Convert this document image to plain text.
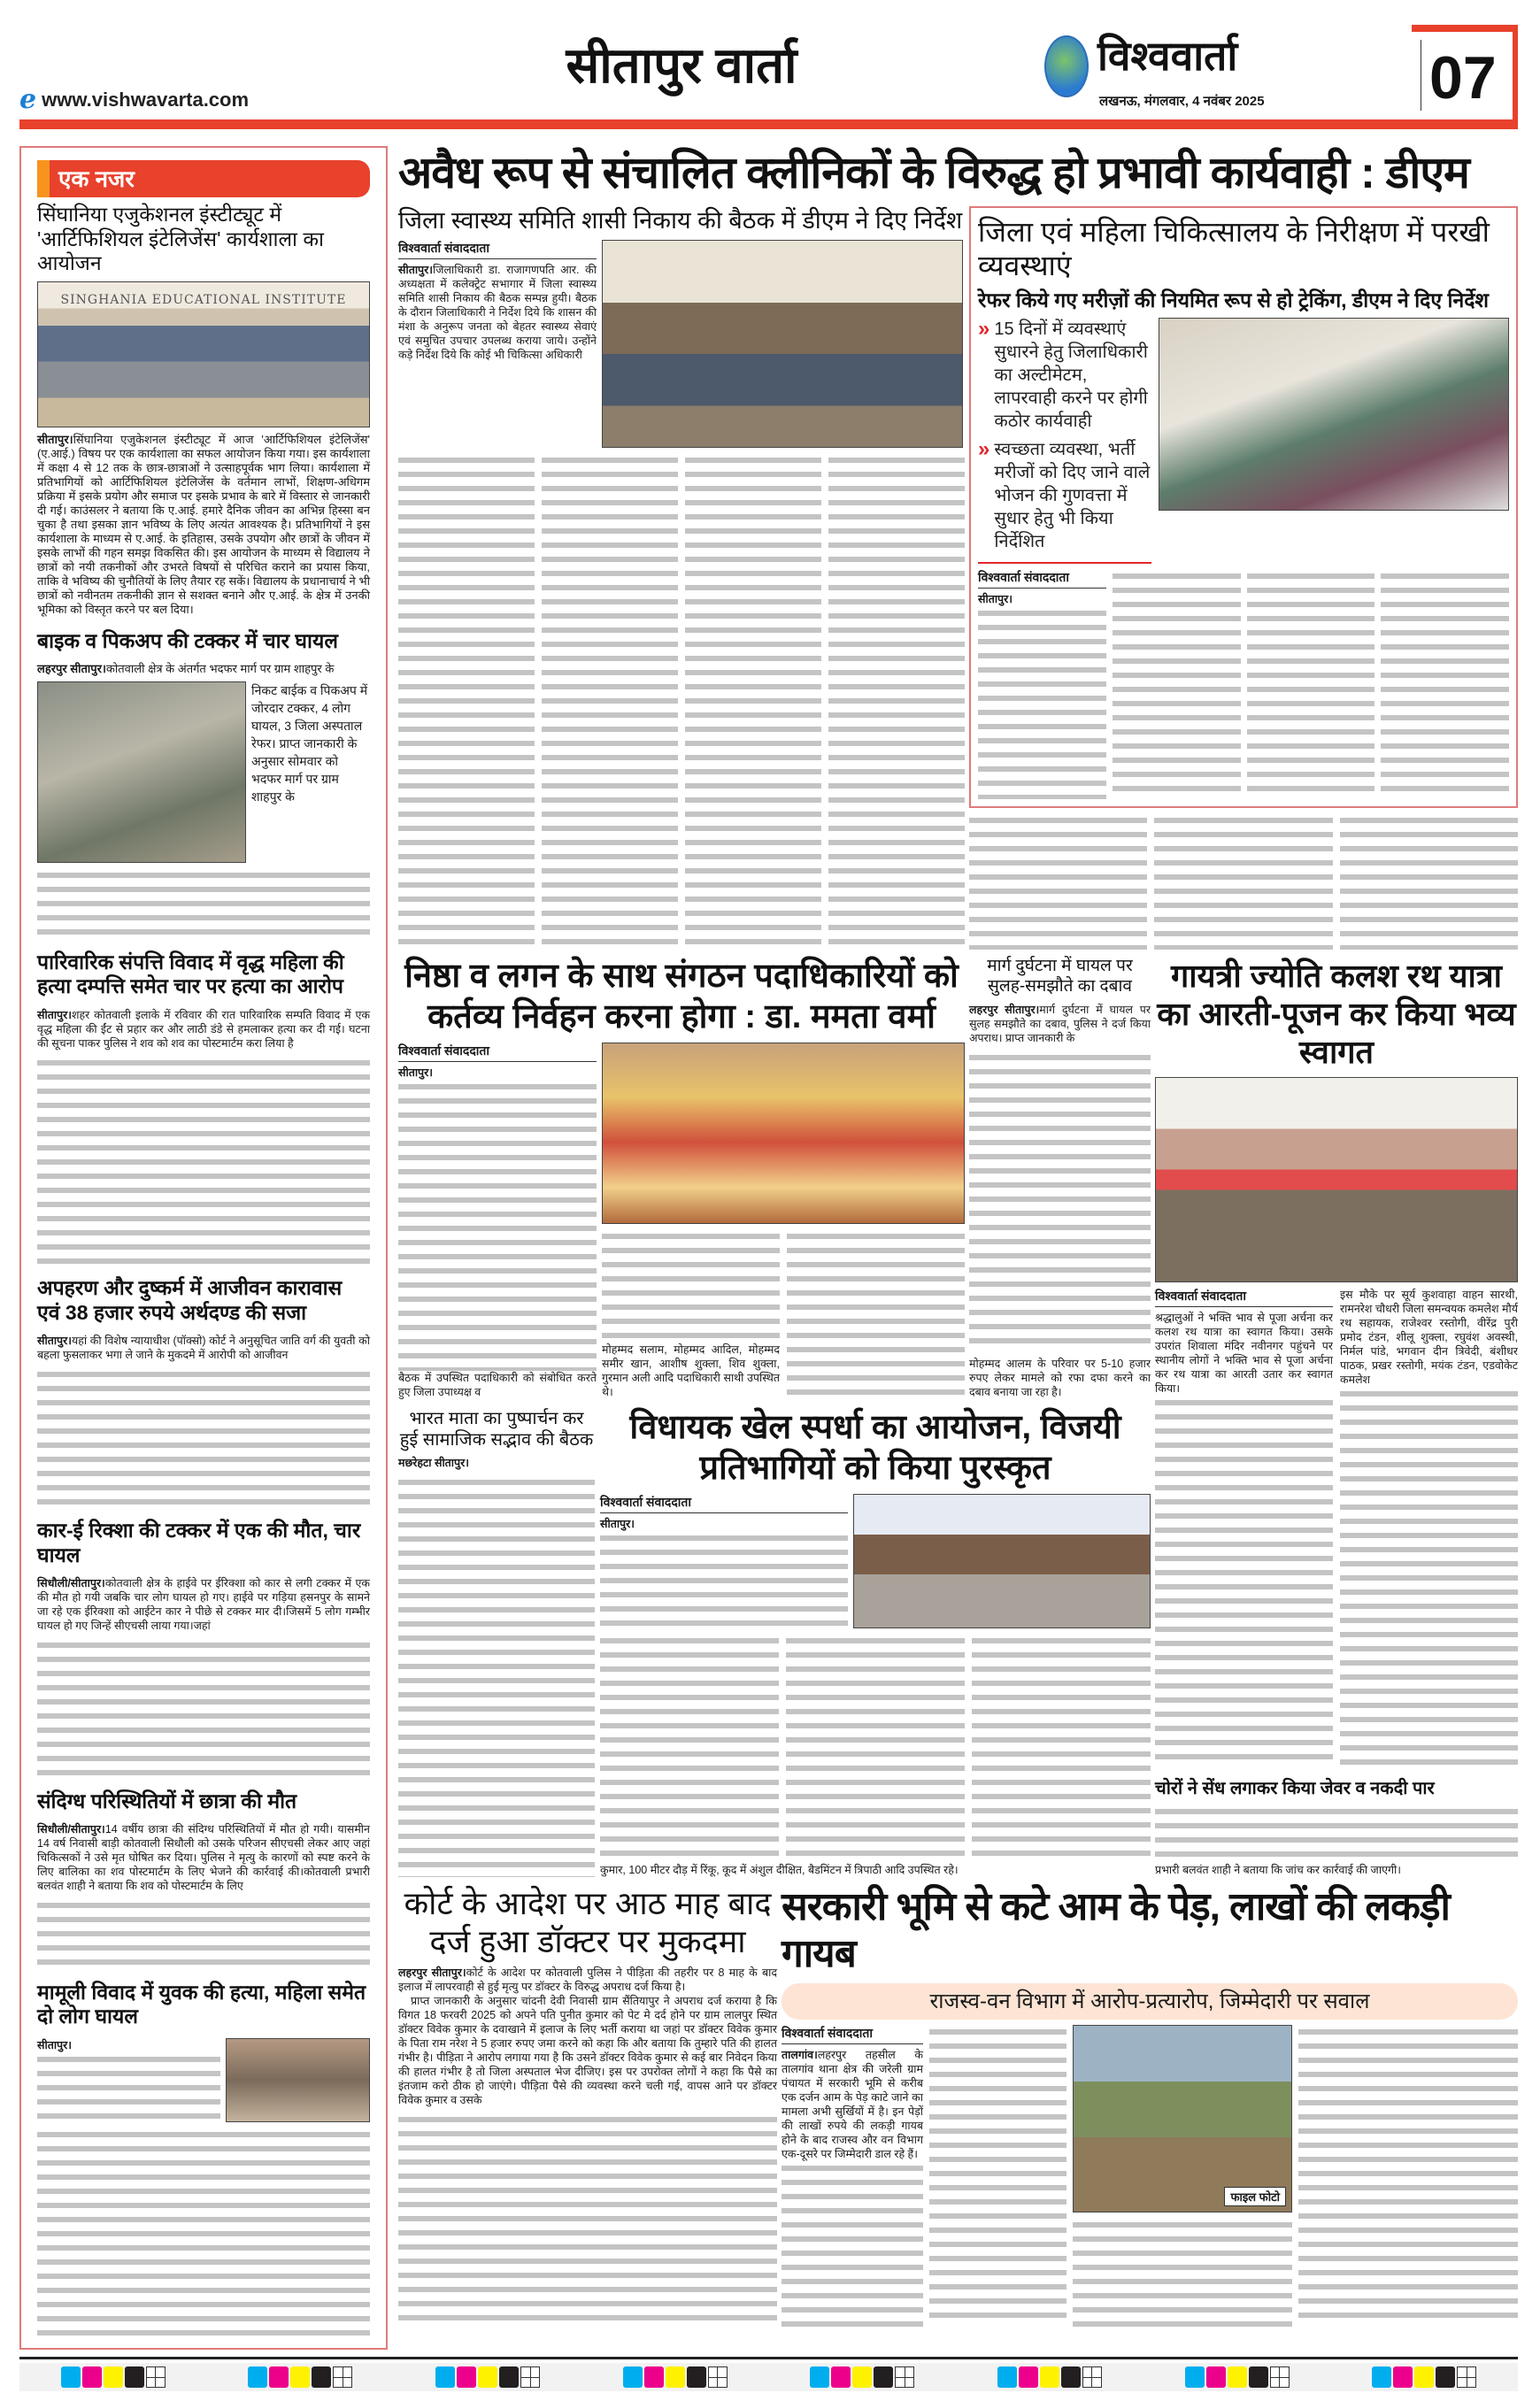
e www.vishwavarta.com
सीतापुर वार्ता	विश्ववार्ता
लखनऊ, मंगलवार, 4 नवंबर 2025	07
एक नजर
सिंघानिया एजुकेशनल इंस्टीट्यूट में 'आर्टिफिशियल इंटेलिजेंस' कार्यशाला का आयोजन
SINGHANIA EDUCATIONAL INSTITUTE

सीतापुर।सिंघानिया एजुकेशनल इंस्टीट्यूट में आज 'आर्टिफिशियल इंटेलिजेंस' (ए.आई.) विषय पर एक कार्यशाला का सफल आयोजन किया गया। इस कार्यशाला में कक्षा 4 से 12 तक के छात्र-छात्राओं ने उत्साहपूर्वक भाग लिया। कार्यशाला में प्रतिभागियों को आर्टिफिशियल इंटेलिजेंस के वर्तमान लाभों, शिक्षण-अधिगम प्रक्रिया में इसके प्रयोग और समाज पर इसके प्रभाव के बारे में विस्तार से जानकारी दी गई। काउंसलर ने बताया कि ए.आई. हमारे दैनिक जीवन का अभिन्न हिस्सा बन चुका है तथा इसका ज्ञान भविष्य के लिए अत्यंत आवश्यक है। प्रतिभागियों ने इस कार्यशाला के माध्यम से ए.आई. के इतिहास, उसके उपयोग और छात्रों के जीवन में इसके लाभों की गहन समझ विकसित की। इस आयोजन के माध्यम से विद्यालय ने छात्रों को नयी तकनीकों और उभरते विषयों से परिचित कराने का प्रयास किया, ताकि वे भविष्य की चुनौतियों के लिए तैयार रह सकें। विद्यालय के प्रधानाचार्य ने भी छात्रों को नवीनतम तकनीकी ज्ञान से सशक्त बनाने और ए.आई. के क्षेत्र में उनकी भूमिका को विस्तृत करने पर बल दिया।

बाइक व पिकअप की टक्कर में चार घायल

लहरपुर सीतापुर।कोतवाली क्षेत्र के अंतर्गत भदफर मार्ग पर ग्राम शाहपुर के

निकट बाईक व पिकअप में जोरदार टक्कर, 4 लोग घायल, 3 जिला अस्पताल रेफर। प्राप्त जानकारी के अनुसार सोमवार को भदफर मार्ग पर ग्राम शाहपुर के

पारिवारिक संपत्ति विवाद में वृद्ध महिला की हत्या दम्पत्ति समेत चार पर हत्या का आरोप

सीतापुर।शहर कोतवाली इलाके में रविवार की रात पारिवारिक सम्पति विवाद में एक वृद्ध महिला की ईंट से प्रहार कर और लाठी डंडे से हमलाकर हत्या कर दी गई। घटना की सूचना पाकर पुलिस ने शव को शव का पोस्टमार्टम करा लिया है

अपहरण और दुष्कर्म में आजीवन कारावास एवं 38 हजार रुपये अर्थदण्ड की सजा

सीतापुर।यहां की विशेष न्यायाधीश (पॉक्सो) कोर्ट ने अनुसूचित जाति वर्ग की युवती को बहला फुसलाकर भगा ले जाने के मुकदमे में आरोपी को आजीवन

कार-ई रिक्शा की टक्कर में एक की मौत, चार घायल

सिधौली/सीतापुर।कोतवाली क्षेत्र के हाईवे पर ईरिक्शा को कार से लगी टक्कर में एक की मौत हो गयी जबकि चार लोग घायल हो गए। हाईवे पर गड़िया हसनपुर के सामने जा रहे एक ईरिक्शा को आईटेन कार ने पीछे से टक्कर मार दी।जिसमें 5 लोग गम्भीर घायल हो गए जिन्हें सीएचसी लाया गया।जहां

संदिग्ध परिस्थितियों में छात्रा की मौत

सिधौली/सीतापुर।14 वर्षीय छात्रा की संदिग्ध परिस्थितियों में मौत हो गयी। यासमीन 14 वर्ष निवासी बाड़ी कोतवाली सिधौली को उसके परिजन सीएचसी लेकर आए जहां चिकित्सकों ने उसे मृत घोषित कर दिया। पुलिस ने मृत्यु के कारणों को स्पष्ट करने के लिए बालिका का शव पोस्टमार्टम के लिए भेजने की कार्रवाई की।कोतवाली प्रभारी बलवंत शाही ने बताया कि शव को पोस्टमार्टम के लिए

मामूली विवाद में युवक की हत्या, महिला समेत दो लोग घायल

सीतापुर।

अवैध रूप से संचालित क्लीनिकों के विरुद्ध हो प्रभावी कार्यवाही : डीएम
जिला स्वास्थ्य समिति शासी निकाय की बैठक में डीएम ने दिए निर्देश
विश्ववार्ता संवाददाता

सीतापुर।जिलाधिकारी डा. राजागणपति आर. की अध्यक्षता में कलेक्ट्रेट सभागार में जिला स्वास्थ्य समिति शासी निकाय की बैठक सम्पन्न हुयी। बैठक के दौरान जिलाधिकारी ने निर्देश दिये कि शासन की मंशा के अनुरूप जनता को बेहतर स्वास्थ्य सेवाएं एवं समुचित उपचार उपलब्ध कराया जाये। उन्होंने कड़े निर्देश दिये कि कोई भी चिकित्सा अधिकारी

जिला एवं महिला चिकित्सालय के निरीक्षण में परखी व्यवस्थाएं
रेफर किये गए मरीज़ों की नियमित रूप से हो ट्रेकिंग, डीएम ने दिए निर्देश
» 15 दिनों में व्यवस्थाएं सुधारने हेतु जिलाधिकारी का अल्टीमेटम, लापरवाही करने पर होगी कठोर कार्यवाही
» स्वच्छता व्यवस्था, भर्ती मरीजों को दिए जाने वाले भोजन की गुणवत्ता में सुधार हेतु भी किया निर्देशित
विश्ववार्ता संवाददाता

सीतापुर।

निष्ठा व लगन के साथ संगठन पदाधिकारियों को कर्तव्य निर्वहन करना होगा : डा. ममता वर्मा
विश्ववार्ता संवाददाता

सीतापुर।

बैठक में उपस्थित पदाधिकारी को संबोधित करते हुए जिला उपाध्यक्ष व

मोहम्मद सलाम, मोहम्मद आदिल, मोहम्मद समीर खान, आशीष शुक्ला, शिव शुक्ला, गुरमान अली आदि पदाधिकारी साथी उपस्थित थे।

मार्ग दुर्घटना में घायल पर सुलह-समझौते का दबाव

लहरपुर सीतापुर।मार्ग दुर्घटना में घायल पर सुलह समझौते का दबाव, पुलिस ने दर्ज किया अपराध। प्राप्त जानकारी के

मोहम्मद आलम के परिवार पर 5-10 हजार रुपए लेकर मामले को रफा दफा करने का दबाव बनाया जा रहा है।

भारत माता का पुष्पार्चन कर हुई सामाजिक सद्भाव की बैठक

मछरेहटा सीतापुर।

विधायक खेल स्पर्धा का आयोजन, विजयी प्रतिभागियों को किया पुरस्कृत
विश्ववार्ता संवाददाता

सीतापुर।

कुमार, 100 मीटर दौड़ में रिंकू, कूद में अंशुल दीक्षित, बैडमिंटन में त्रिपाठी आदि उपस्थित रहे।

गायत्री ज्योति कलश रथ यात्रा का आरती-पूजन कर किया भव्य स्वागत
विश्ववार्ता संवाददाता

श्रद्धालुओं ने भक्ति भाव से पूजा अर्चना कर कलश रथ यात्रा का स्वागत किया। उसके उपरांत शिवाला मंदिर नवीनगर पहुंचने पर स्थानीय लोगों ने भक्ति भाव से पूजा अर्चना कर रथ यात्रा का आरती उतार कर स्वागत किया।

इस मौके पर सूर्य कुशवाहा वाहन सारथी, रामनरेश चौधरी जिला समन्वयक कमलेश मौर्य रथ सहायक, राजेश्वर रस्तोगी, वीरेंद्र पुरी प्रमोद टंडन, शीलू शुक्ला, रघुवंश अवस्थी, निर्मल पांडे, भगवान दीन त्रिवेदी, बंशीधर पाठक, प्रखर रस्तोगी, मयंक टंडन, एडवोकेट कमलेश

चोरों ने सेंध लगाकर किया जेवर व नकदी पार

प्रभारी बलवंत शाही ने बताया कि जांच कर कार्रवाई की जाएगी।

कोर्ट के आदेश पर आठ माह बाद दर्ज हुआ डॉक्टर पर मुकदमा

लहरपुर सीतापुर।कोर्ट के आदेश पर कोतवाली पुलिस ने पीड़िता की तहरीर पर 8 माह के बाद इलाज में लापरवाही से हुई मृत्यु पर डॉक्टर के विरुद्ध अपराध दर्ज किया है।

प्राप्त जानकारी के अनुसार चांदनी देवी निवासी ग्राम सैंतियापुर ने अपराध दर्ज कराया है कि विगत 18 फरवरी 2025 को अपने पति पुनीत कुमार को पेट मे दर्द होने पर ग्राम लालपुर स्थित डॉक्टर विवेक कुमार के दवाखाने में इलाज के लिए भर्ती कराया था जहां पर डॉक्टर विवेक कुमार के पिता राम नरेश ने 5 हजार रुपए जमा करने को कहा कि और बताया कि तुम्हारे पति की हालत गंभीर है। पीड़िता ने आरोप लगाया गया है कि उसने डॉक्टर विवेक कुमार से कई बार निवेदन किया की हालत गंभीर है तो जिला अस्पताल भेज दीजिए। इस पर उपरोक्त लोगों ने कहा कि पैसे का इंतजाम करो ठीक हो जाएंगे। पीड़िता पैसे की व्यवस्था करने चली गई, वापस आने पर डॉक्टर विवेक कुमार व उसके

सरकारी भूमि से कटे आम के पेड़, लाखों की लकड़ी गायब
राजस्व-वन विभाग में आरोप-प्रत्यारोप, जिम्मेदारी पर सवाल
विश्ववार्ता संवाददाता

तालगांव।लहरपुर तहसील के तालगांव थाना क्षेत्र की जरेली ग्राम पंचायत में सरकारी भूमि से करीब एक दर्जन आम के पेड़ काटे जाने का मामला अभी सुर्खियों में है। इन पेड़ों की लाखों रुपये की लकड़ी गायब होने के बाद राजस्व और वन विभाग एक-दूसरे पर जिम्मेदारी डाल रहे हैं।

फाइल फोटो
